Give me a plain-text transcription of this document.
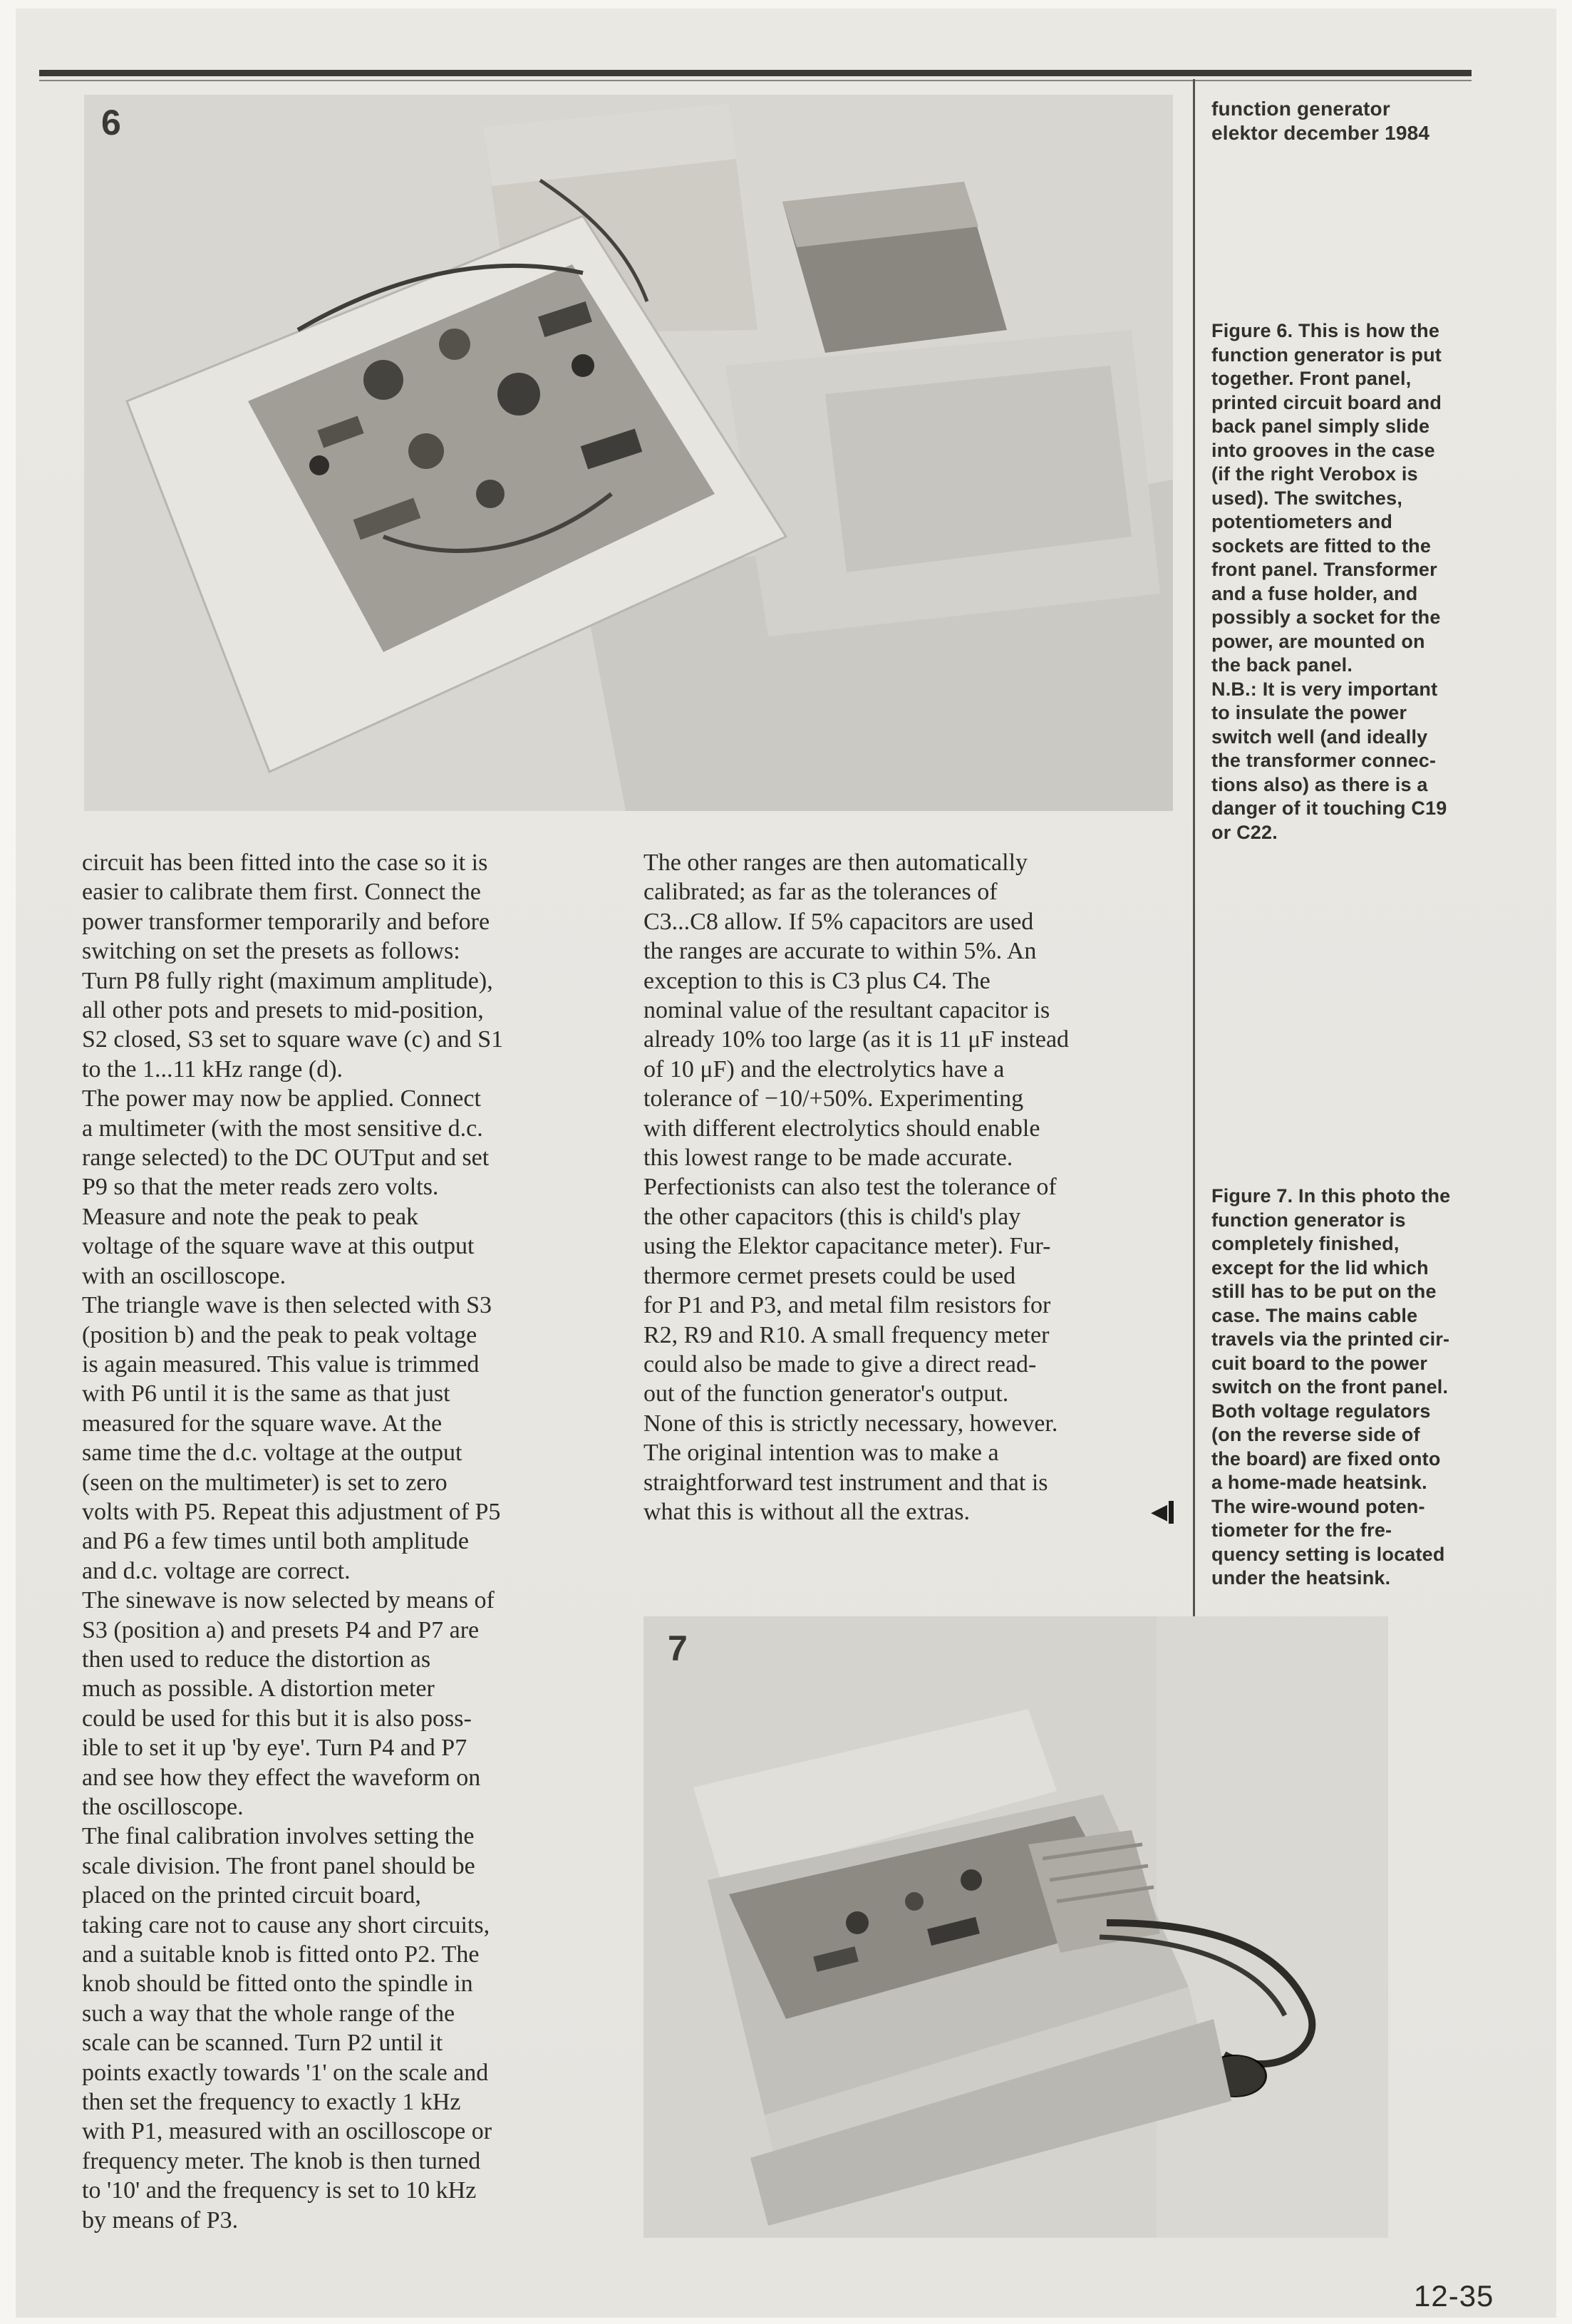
6	function generator
elektor december 1984
Figure 6. This is how the
function generator is put
together. Front panel,
printed circuit board and
back panel simply slide
into grooves in the case
(if the right Verobox is
used). The switches,
potentiometers and
sockets are fitted to the
front panel. Transformer
and a fuse holder, and
possibly a socket for the
power, are mounted on
the back panel.
N.B.: It is very important
to insulate the power
switch well (and ideally
the transformer connec-
tions also) as there is a
danger of it touching C19
or C22.
Figure 7. In this photo the
function generator is
completely finished,
except for the lid which
still has to be put on the
case. The mains cable
travels via the printed cir-
cuit board to the power
switch on the front panel.
Both voltage regulators
(on the reverse side of
the board) are fixed onto
a home-made heatsink.
The wire-wound poten-
tiometer for the fre-
quency setting is located
under the heatsink.
circuit has been fitted into the case so it is
easier to calibrate them first. Connect the
power transformer temporarily and before
switching on set the presets as follows:
Turn P8 fully right (maximum amplitude),
all other pots and presets to mid-position,
S2 closed, S3 set to square wave (c) and S1
to the 1...11 kHz range (d).
The power may now be applied. Connect
a multimeter (with the most sensitive d.c.
range selected) to the DC OUTput and set
P9 so that the meter reads zero volts.
Measure and note the peak to peak
voltage of the square wave at this output
with an oscilloscope.
The triangle wave is then selected with S3
(position b) and the peak to peak voltage
is again measured. This value is trimmed
with P6 until it is the same as that just
measured for the square wave. At the
same time the d.c. voltage at the output
(seen on the multimeter) is set to zero
volts with P5. Repeat this adjustment of P5
and P6 a few times until both amplitude
and d.c. voltage are correct.
The sinewave is now selected by means of
S3 (position a) and presets P4 and P7 are
then used to reduce the distortion as
much as possible. A distortion meter
could be used for this but it is also poss-
ible to set it up 'by eye'. Turn P4 and P7
and see how they effect the waveform on
the oscilloscope.
The final calibration involves setting the
scale division. The front panel should be
placed on the printed circuit board,
taking care not to cause any short circuits,
and a suitable knob is fitted onto P2. The
knob should be fitted onto the spindle in
such a way that the whole range of the
scale can be scanned. Turn P2 until it
points exactly towards '1' on the scale and
then set the frequency to exactly 1 kHz
with P1, measured with an oscilloscope or
frequency meter. The knob is then turned
to '10' and the frequency is set to 10 kHz
by means of P3.
The other ranges are then automatically
calibrated; as far as the tolerances of
C3...C8 allow. If 5% capacitors are used
the ranges are accurate to within 5%. An
exception to this is C3 plus C4. The
nominal value of the resultant capacitor is
already 10% too large (as it is 11 μF instead
of 10 μF) and the electrolytics have a
tolerance of −10/+50%. Experimenting
with different electrolytics should enable
this lowest range to be made accurate.
Perfectionists can also test the tolerance of
the other capacitors (this is child's play
using the Elektor capacitance meter). Fur-
thermore cermet presets could be used
for P1 and P3, and metal film resistors for
R2, R9 and R10. A small frequency meter
could also be made to give a direct read-
out of the function generator's output.
None of this is strictly necessary, however.
The original intention was to make a
straightforward test instrument and that is
what this is without all the extras.	◀
7
12-35
